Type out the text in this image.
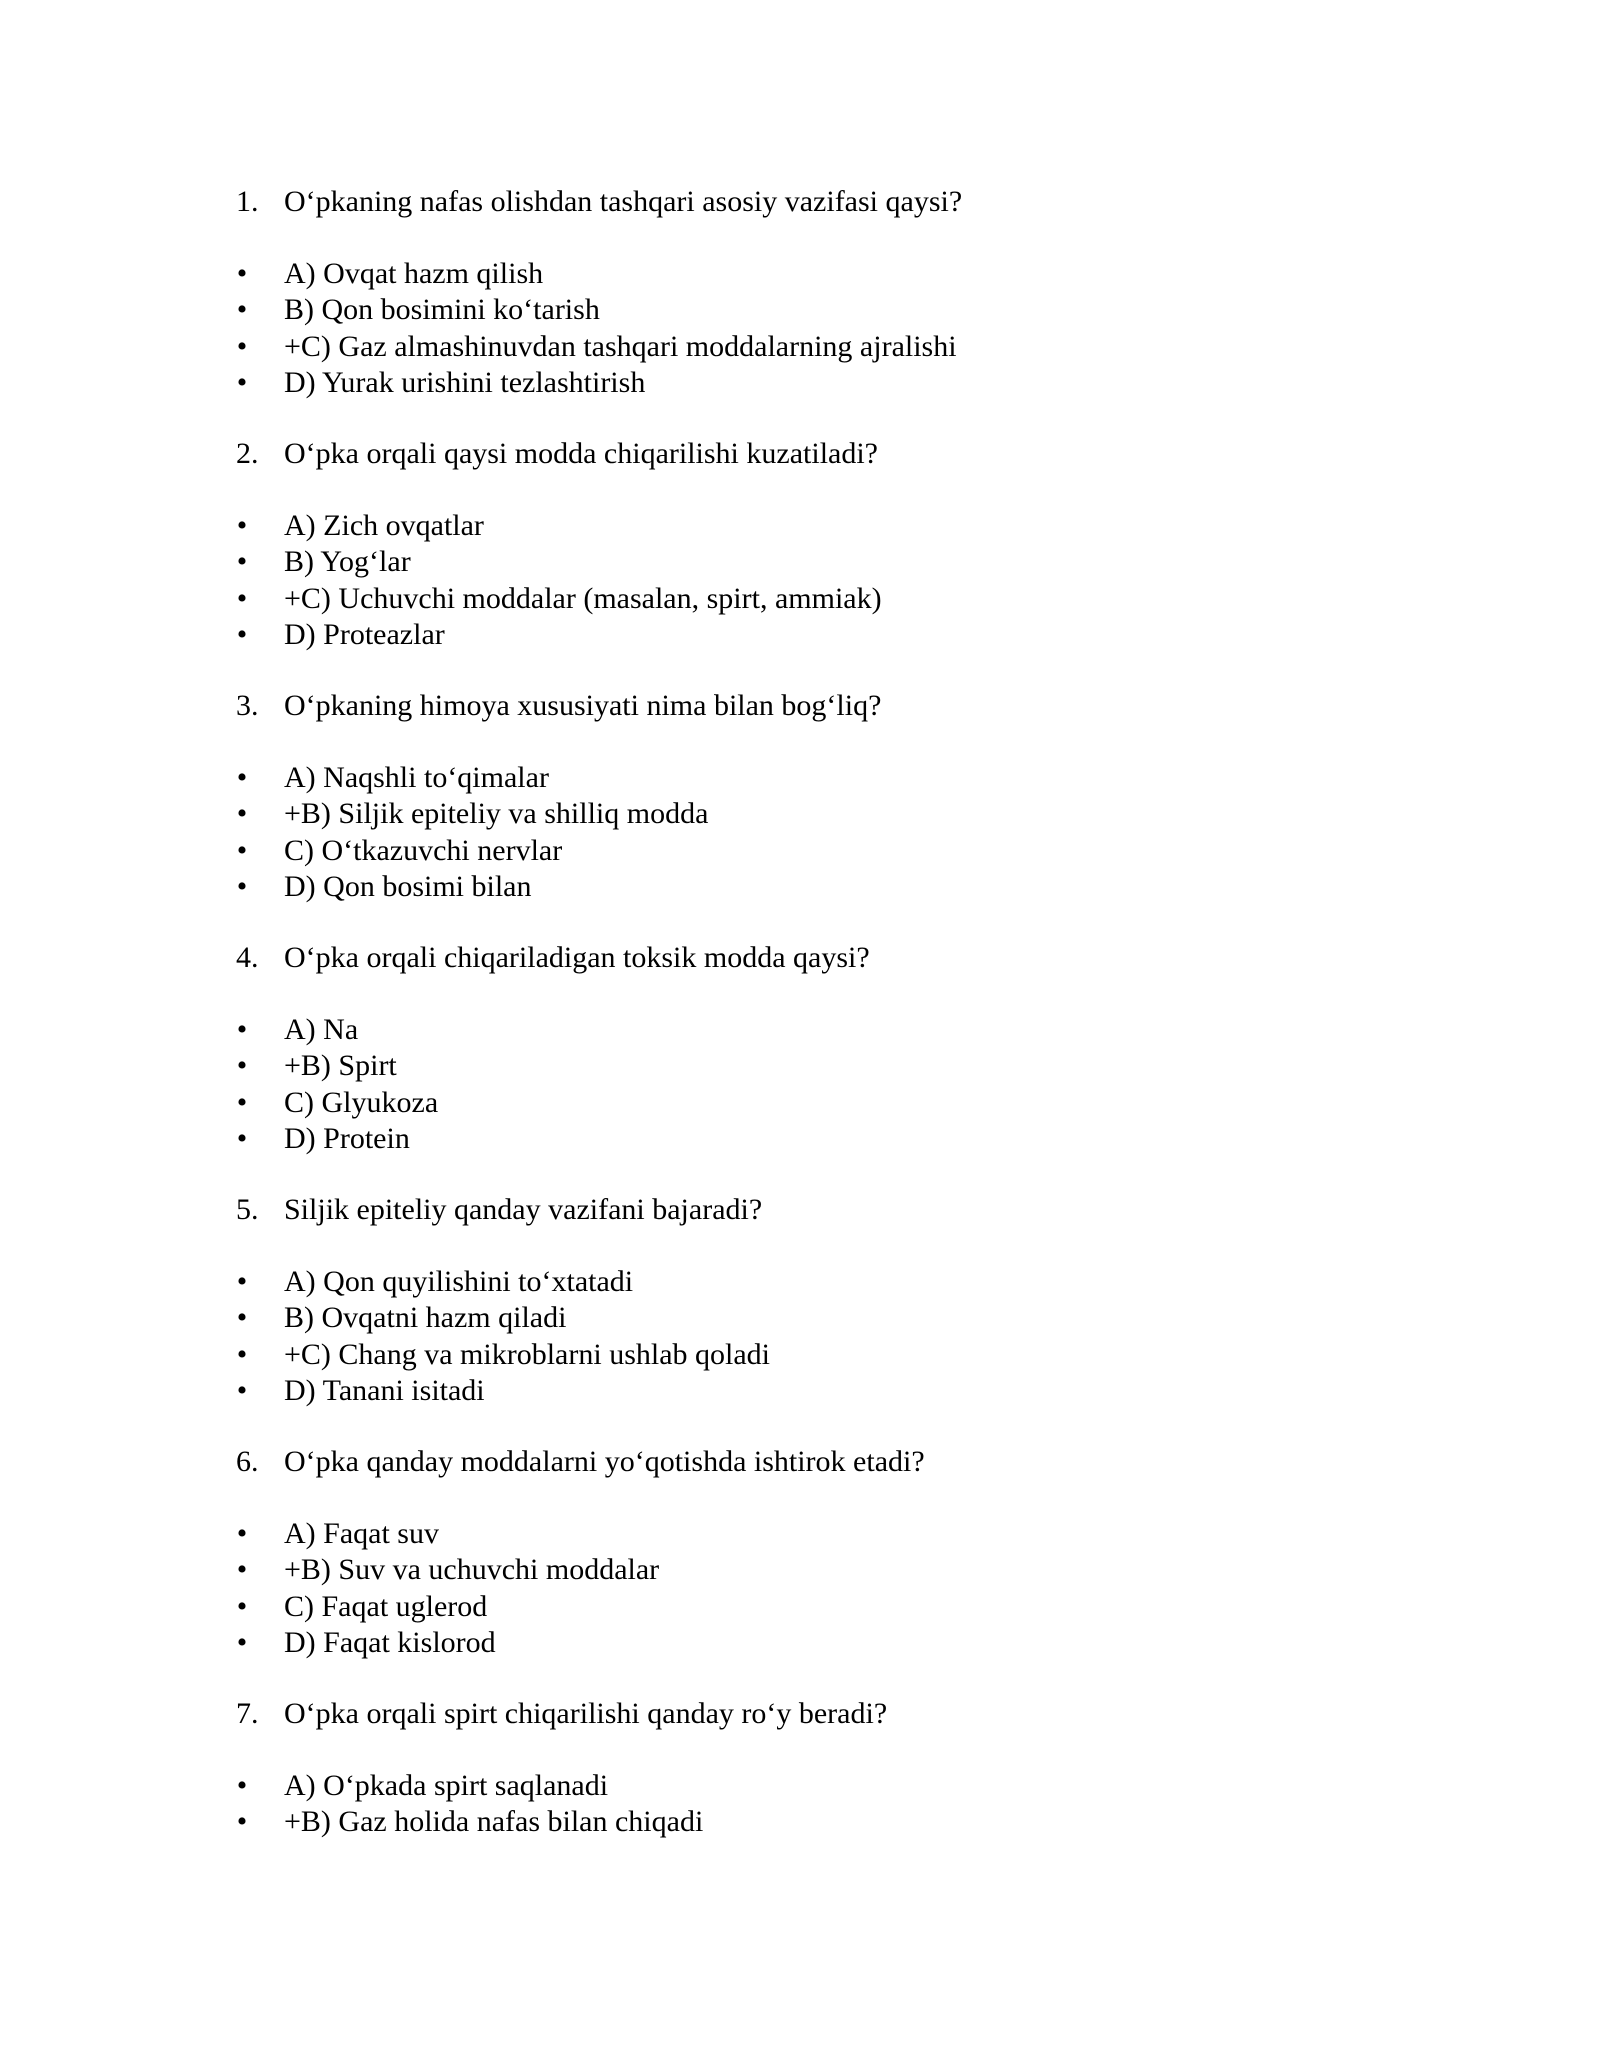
1. O‘pkaning nafas olishdan tashqari asosiy vazifasi qaysi?
• A) Ovqat hazm qilish
• B) Qon bosimini ko‘tarish
• +C) Gaz almashinuvdan tashqari moddalarning ajralishi
• D) Yurak urishini tezlashtirish
2. O‘pka orqali qaysi modda chiqarilishi kuzatiladi?
• A) Zich ovqatlar
• B) Yog‘lar
• +C) Uchuvchi moddalar (masalan, spirt, ammiak)
• D) Proteazlar
3. O‘pkaning himoya xususiyati nima bilan bog‘liq?
• A) Naqshli to‘qimalar
• +B) Siljik epiteliy va shilliq modda
• C) O‘tkazuvchi nervlar
• D) Qon bosimi bilan
4. O‘pka orqali chiqariladigan toksik modda qaysi?
• A) Na
• +B) Spirt
• C) Glyukoza
• D) Protein
5. Siljik epiteliy qanday vazifani bajaradi?
• A) Qon quyilishini to‘xtatadi
• B) Ovqatni hazm qiladi
• +C) Chang va mikroblarni ushlab qoladi
• D) Tanani isitadi
6. O‘pka qanday moddalarni yo‘qotishda ishtirok etadi?
• A) Faqat suv
• +B) Suv va uchuvchi moddalar
• C) Faqat uglerod
• D) Faqat kislorod
7. O‘pka orqali spirt chiqarilishi qanday ro‘y beradi?
• A) O‘pkada spirt saqlanadi
• +B) Gaz holida nafas bilan chiqadi
